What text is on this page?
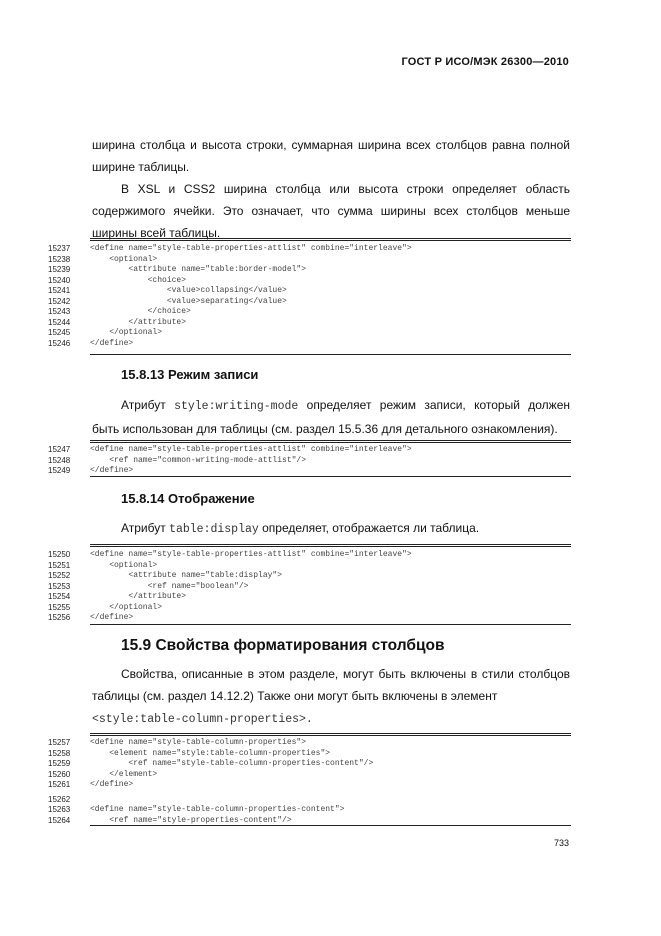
ГОСТ Р ИСО/МЭК 26300—2010
ширина столбца и высота строки, суммарная ширина всех столбцов равна полной ширине таблицы.
В XSL и CSS2 ширина столбца или высота строки определяет область содержимого ячейки. Это означает, что сумма ширины всех столбцов меньше ширины всей таблицы.
15237	<define name="style-table-properties-attlist" combine="interleave">
15238	<optional>
15239	<attribute name="table:border-model">
15240	<choice>
15241	<value>collapsing</value>
15242	<value>separating</value>
15243	</choice>
15244	</attribute>
15245	</optional>
15246	</define>
15.8.13 Режим записи
Атрибут style:writing-mode определяет режим записи, который должен быть использован для таблицы (см. раздел 15.5.36 для детального ознакомления).
15247	<define name="style-table-properties-attlist" combine="interleave">
15248	<ref name="common-writing-mode-attlist"/>
15249	</define>
15.8.14 Отображение
Атрибут table:display определяет, отображается ли таблица.
15250	<define name="style-table-properties-attlist" combine="interleave">
15251	<optional>
15252	<attribute name="table:display">
15253	<ref name="boolean"/>
15254	</attribute>
15255	</optional>
15256	</define>
15.9 Свойства форматирования столбцов
Свойства, описанные в этом разделе, могут быть включены в стили столбцов таблицы (см. раздел 14.12.2) Также они могут быть включены в элемент
<style:table-column-properties>.
15257	<define name="style-table-column-properties">
15258	<element name="style:table-column-properties">
15259	<ref name="style-table-column-properties-content"/>
15260	</element>
15261	</define>
15262
15263	<define name="style-table-column-properties-content">
15264	<ref name="style-properties-content"/>
733
